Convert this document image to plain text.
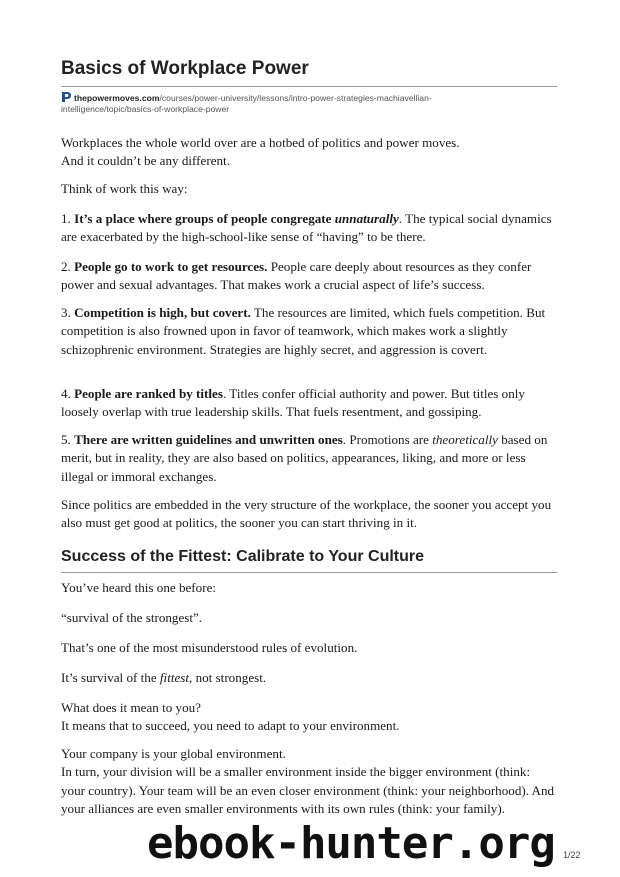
Basics of Workplace Power
thepowermoves.com/courses/power-university/lessons/intro-power-strategies-machiavellian-
intelligence/topic/basics-of-workplace-power

Workplaces the whole world over are a hotbed of politics and power moves.
And it couldn’t be any different.

Think of work this way:

1. It’s a place where groups of people congregate unnaturally. The typical social dynamics are exacerbated by the high-school-like sense of “having” to be there.

2. People go to work to get resources. People care deeply about resources as they confer power and sexual advantages. That makes work a crucial aspect of life’s success.

3. Competition is high, but covert. The resources are limited, which fuels competition. But competition is also frowned upon in favor of teamwork, which makes work a slightly schizophrenic environment. Strategies are highly secret, and aggression is covert.

4. People are ranked by titles. Titles confer official authority and power. But titles only loosely overlap with true leadership skills. That fuels resentment, and gossiping.

5. There are written guidelines and unwritten ones. Promotions are theoretically based on merit, but in reality, they are also based on politics, appearances, liking, and more or less illegal or immoral exchanges.

Since politics are embedded in the very structure of the workplace, the sooner you accept you also must get good at politics, the sooner you can start thriving in it.

Success of the Fittest: Calibrate to Your Culture

You’ve heard this one before:

“survival of the strongest”.

That’s one of the most misunderstood rules of evolution.

It’s survival of the fittest, not strongest.

What does it mean to you?
It means that to succeed, you need to adapt to your environment.

Your company is your global environment.
In turn, your division will be a smaller environment inside the bigger environment (think: your country). Your team will be an even closer environment (think: your neighborhood). And your alliances are even smaller environments with its own rules (think: your family).

ebook-hunter.org 1/22
